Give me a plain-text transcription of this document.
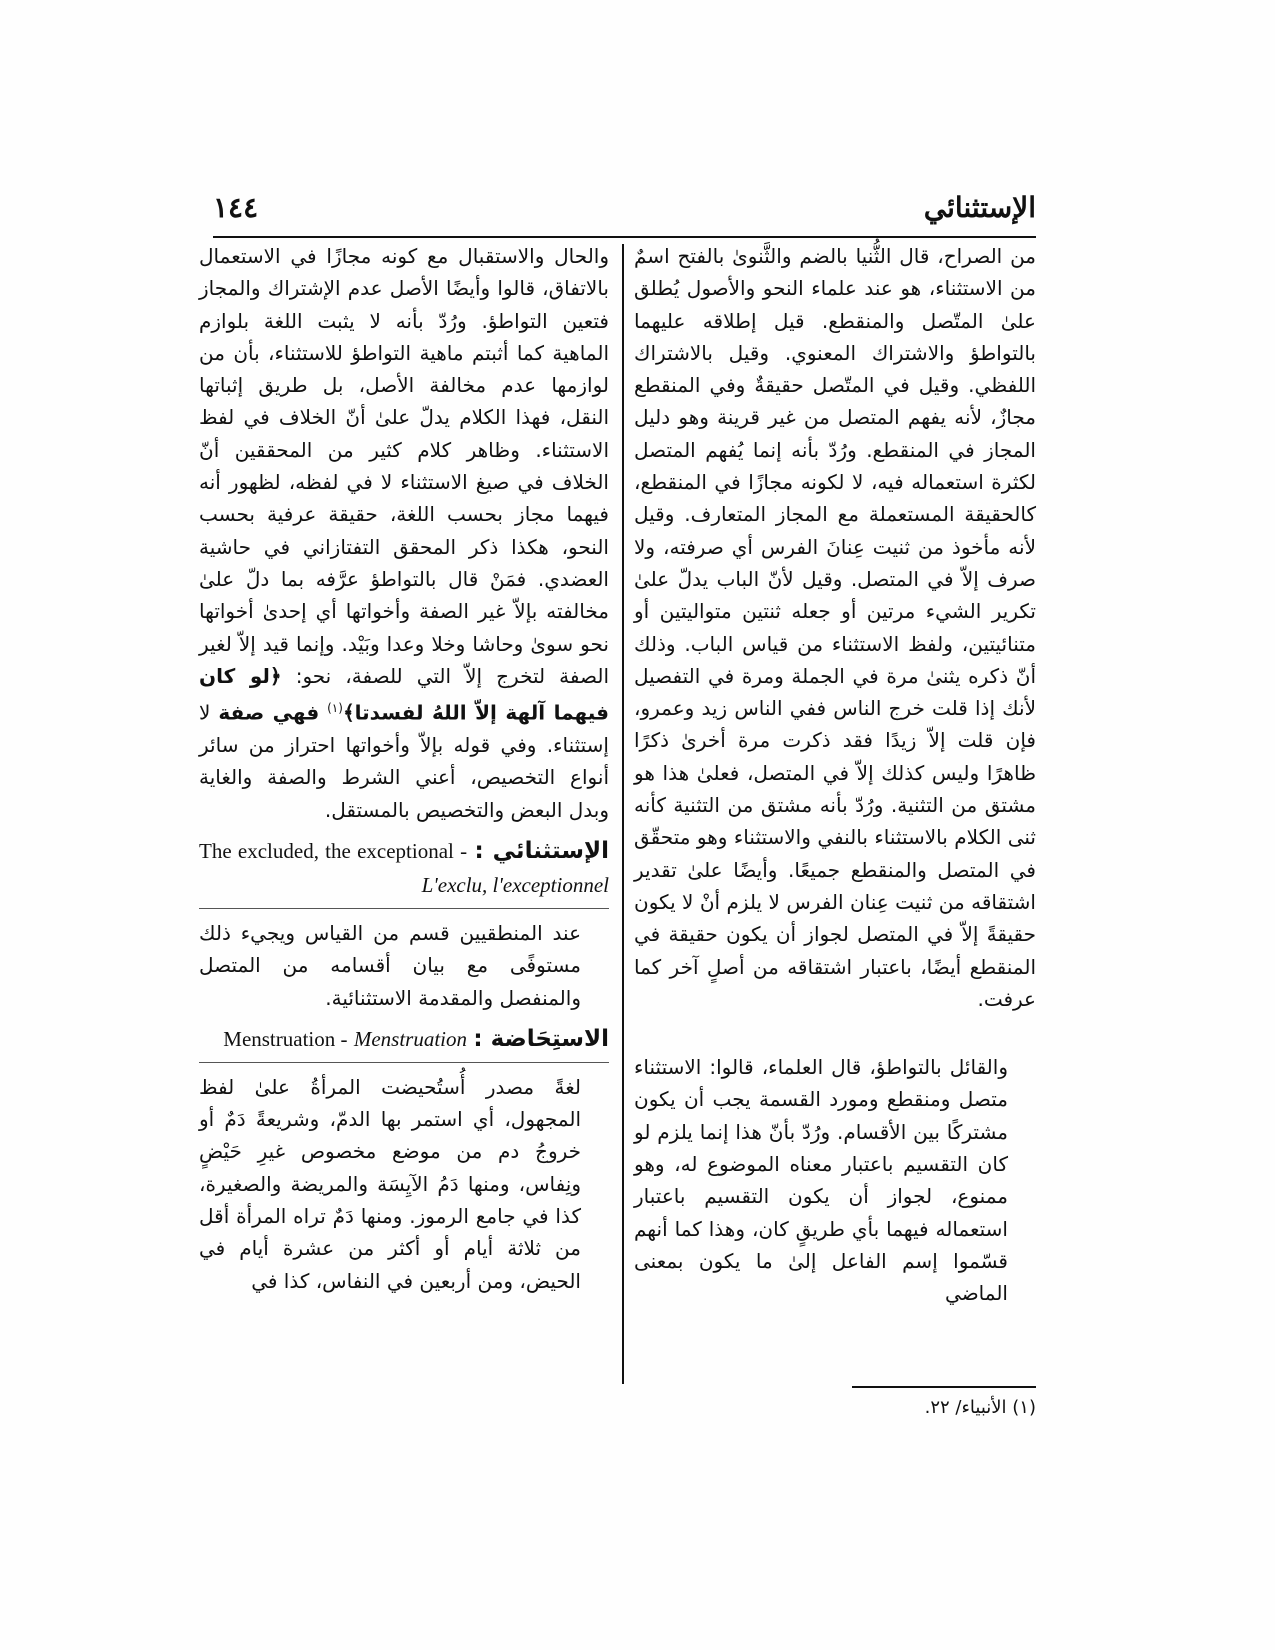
١٤٤	الإستثنائي

من الصراح، قال الثُّنيا بالضم والثَّنوىٰ بالفتح اسمٌ من الاستثناء، هو عند علماء النحو والأصول يُطلق علىٰ المتّصل والمنقطع. قيل إطلاقه عليهما بالتواطؤ والاشتراك المعنوي. وقيل بالاشتراك اللفظي. وقيل في المتّصل حقيقةٌ وفي المنقطع مجازٌ، لأنه يفهم المتصل من غير قرينة وهو دليل المجاز في المنقطع. ورُدّ بأنه إنما يُفهم المتصل لكثرة استعماله فيه، لا لكونه مجازًا في المنقطع، كالحقيقة المستعملة مع المجاز المتعارف. وقيل لأنه مأخوذ من ثنيت عِنانَ الفرس أي صرفته، ولا صرف إلاّ في المتصل. وقيل لأنّ الباب يدلّ علىٰ تكرير الشيء مرتين أو جعله ثنتين متواليتين أو متنائيتين، ولفظ الاستثناء من قياس الباب. وذلك أنّ ذكره يثنىٰ مرة في الجملة ومرة في التفصيل لأنك إذا قلت خرج الناس ففي الناس زيد وعمرو، فإن قلت إلاّ زيدًا فقد ذكرت مرة أخرىٰ ذكرًا ظاهرًا وليس كذلك إلاّ في المتصل، فعلىٰ هذا هو مشتق من التثنية. ورُدّ بأنه مشتق من التثنية كأنه ثنى الكلام بالاستثناء بالنفي والاستثناء وهو متحقّق في المتصل والمنقطع جميعًا. وأيضًا علىٰ تقدير اشتقاقه من ثنيت عِنان الفرس لا يلزم أنْ لا يكون حقيقةً إلاّ في المتصل لجواز أن يكون حقيقة في المنقطع أيضًا، باعتبار اشتقاقه من أصلٍ آخر كما عرفت.

والقائل بالتواطؤ، قال العلماء، قالوا: الاستثناء متصل ومنقطع ومورد القسمة يجب أن يكون مشتركًا بين الأقسام. ورُدّ بأنّ هذا إنما يلزم لو كان التقسيم باعتبار معناه الموضوع له، وهو ممنوع، لجواز أن يكون التقسيم باعتبار استعماله فيهما بأي طريقٍ كان، وهذا كما أنهم قسّموا إسم الفاعل إلىٰ ما يكون بمعنى الماضي

والحال والاستقبال مع كونه مجازًا في الاستعمال بالاتفاق، قالوا وأيضًا الأصل عدم الإشتراك والمجاز فتعين التواطؤ. ورُدّ بأنه لا يثبت اللغة بلوازم الماهية كما أثبتم ماهية التواطؤ للاستثناء، بأن من لوازمها عدم مخالفة الأصل، بل طريق إثباتها النقل، فهذا الكلام يدلّ علىٰ أنّ الخلاف في لفظ الاستثناء. وظاهر كلام كثير من المحققين أنّ الخلاف في صيغ الاستثناء لا في لفظه، لظهور أنه فيهما مجاز بحسب اللغة، حقيقة عرفية بحسب النحو، هكذا ذكر المحقق التفتازاني في حاشية العضدي. فمَنْ قال بالتواطؤ عرَّفه بما دلّ علىٰ مخالفته بإلاّ غير الصفة وأخواتها أي إحدىٰ أخواتها نحو سوىٰ وحاشا وخلا وعدا وبَيْد. وإنما قيد إلاّ لغير الصفة لتخرج إلاّ التي للصفة، نحو: ﴿لو كان فيهما آلهة إلاّ اللهُ لفسدتا﴾$^{(١)}$ فهي صفة لا إستثناء. وفي قوله بإلاّ وأخواتها احتراز من سائر أنواع التخصيص، أعني الشرط والصفة والغاية وبدل البعض والتخصيص بالمستقل.

الإستثنائي : The excluded, the exceptional - L'exclu, l'exceptionnel

عند المنطقيين قسم من القياس ويجيء ذلك مستوفًى مع بيان أقسامه من المتصل والمنفصل والمقدمة الاستثنائية.

الاستِحَاضة : Menstruation - Menstruation

لغةً مصدر أُستُحيضت المرأةُ علىٰ لفظ المجهول، أي استمر بها الدمّ، وشريعةً دَمٌ أو خروجُ دم من موضع مخصوص غيرِ حَيْضٍ ونِفاس، ومنها دَمُ الآيِسَة والمريضة والصغيرة، كذا في جامع الرموز. ومنها دَمٌ تراه المرأة أقل من ثلاثة أيام أو أكثر من عشرة أيام في الحيض، ومن أربعين في النفاس، كذا في

(١) الأنبياء/ ٢٢.
